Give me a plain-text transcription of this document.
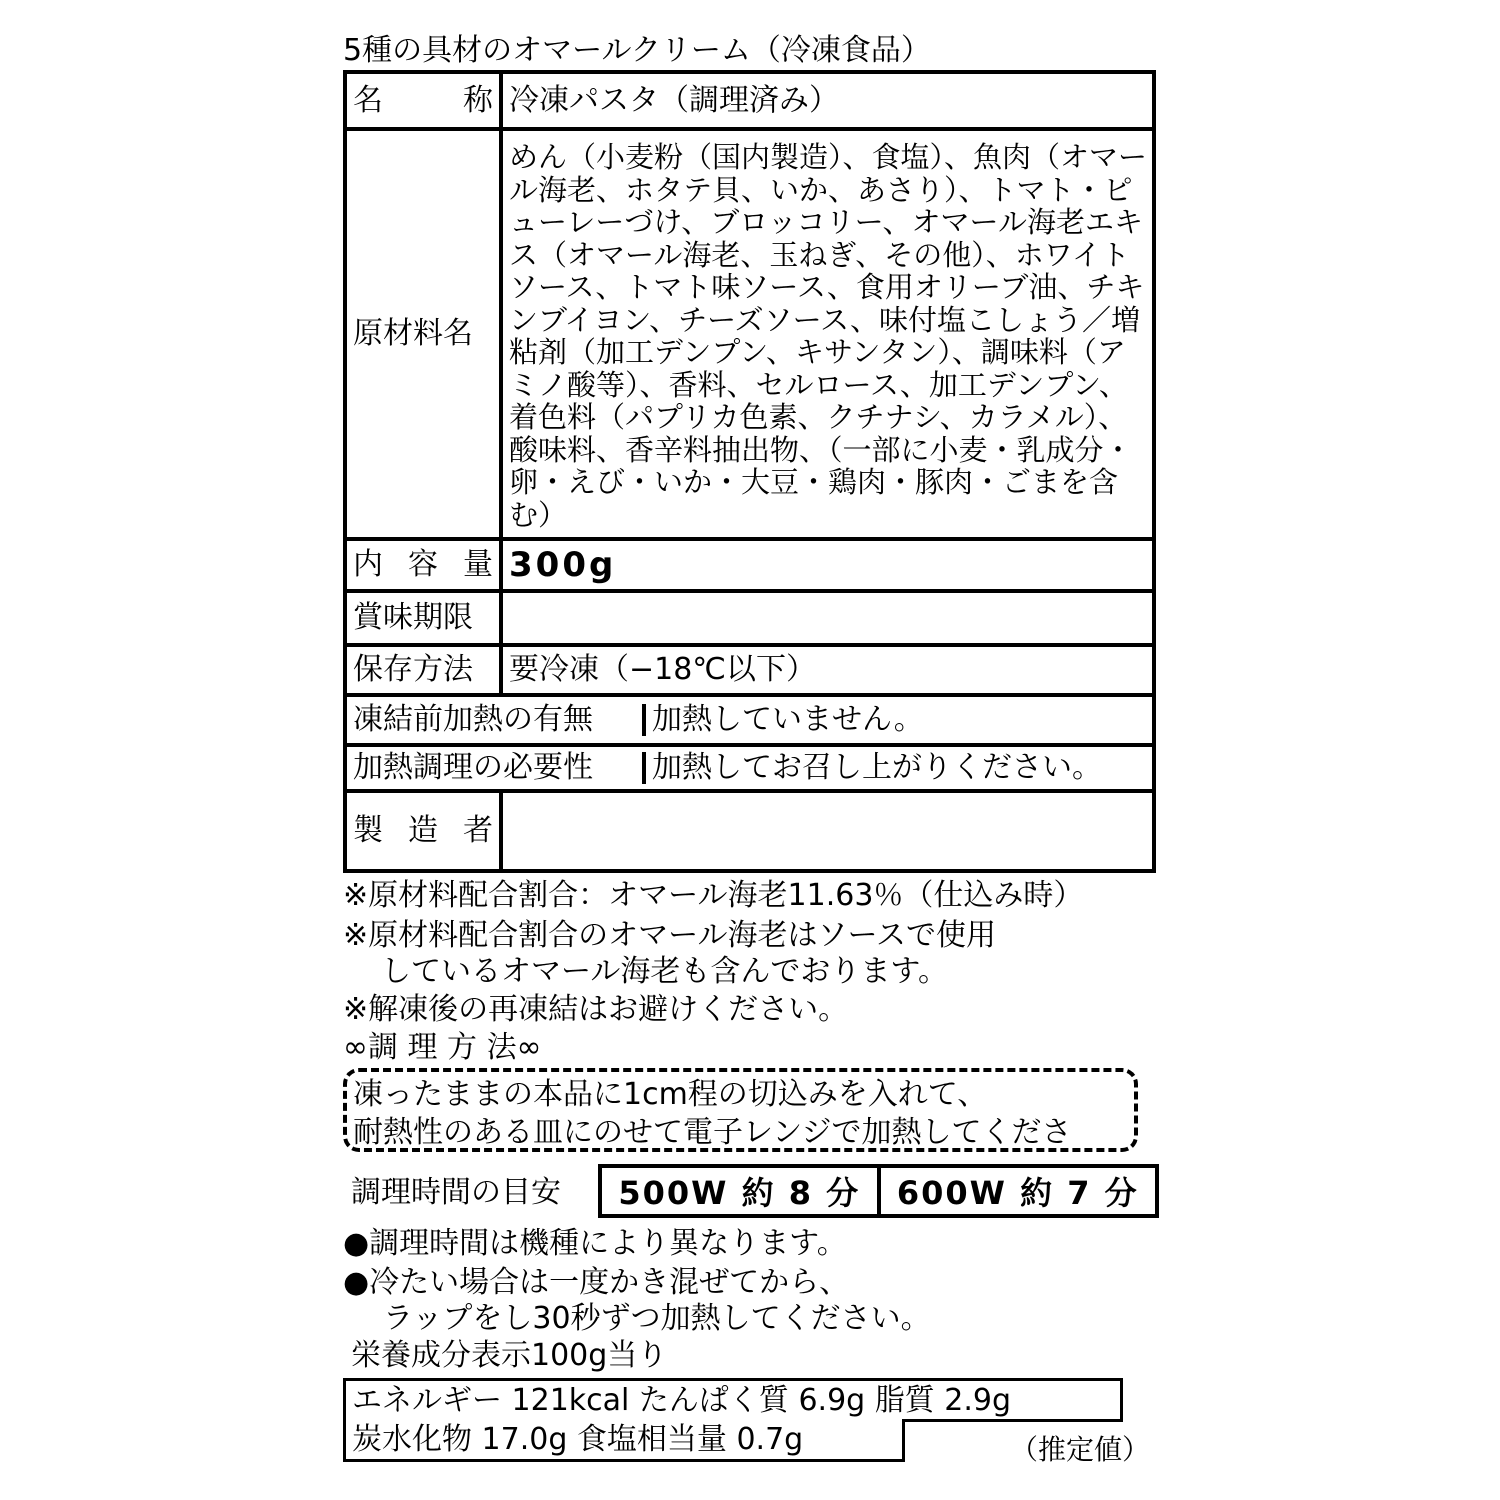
5種の具材のオマールクリーム（冷凍食品）
名 称	冷凍パスタ（調理済み）
原材料名	めん（小麦粉（国内製造）、食塩）、魚肉（オマール海老、ホタテ貝、いか、あさり）、トマト・ピューレーづけ、ブロッコリー、オマール海老エキス（オマール海老、玉ねぎ、その他）、ホワイトソース、トマト味ソース、食用オリーブ油、チキンブイヨン、チーズソース、味付塩こしょう／増粘剤（加工デンプン、キサンタン）、調味料（アミノ酸等）、香料、セルロース、加工デンプン、着色料（パプリカ色素、クチナシ、カラメル）、酸味料、香辛料抽出物、（一部に小麦・乳成分・卵・えび・いか・大豆・鶏肉・豚肉・ごまを含む）

内 容 量	300g
賞味期限	
保存方法	要冷凍（−18℃以下）

凍結前加熱の有無 加熱していません。	

加熱調理の必要性 加熱してお召し上がりください。	

製 造 者	

※原材料配合割合：オマール海老11.63％（仕込み時）
※原材料配合割合のオマール海老はソースで使用
しているオマール海老も含んでおります。
※解凍後の再凍結はお避けください。
∞調 理 方 法∞
凍ったままの本品に1cm程の切込みを入れて、
耐熱性のある皿にのせて電子レンジで加熱してくださ
調理時間の目安	500W 約 8 分	600W 約 7 分
●調理時間は機種により異なります。
●冷たい場合は一度かき混ぜてから、
ラップをし30秒ずつ加熱してください。
栄養成分表示100g当り
エネルギー 121kcal たんぱく質 6.9g 脂質 2.9g
炭水化物 17.0g 食塩相当量 0.7g	（推定値）
